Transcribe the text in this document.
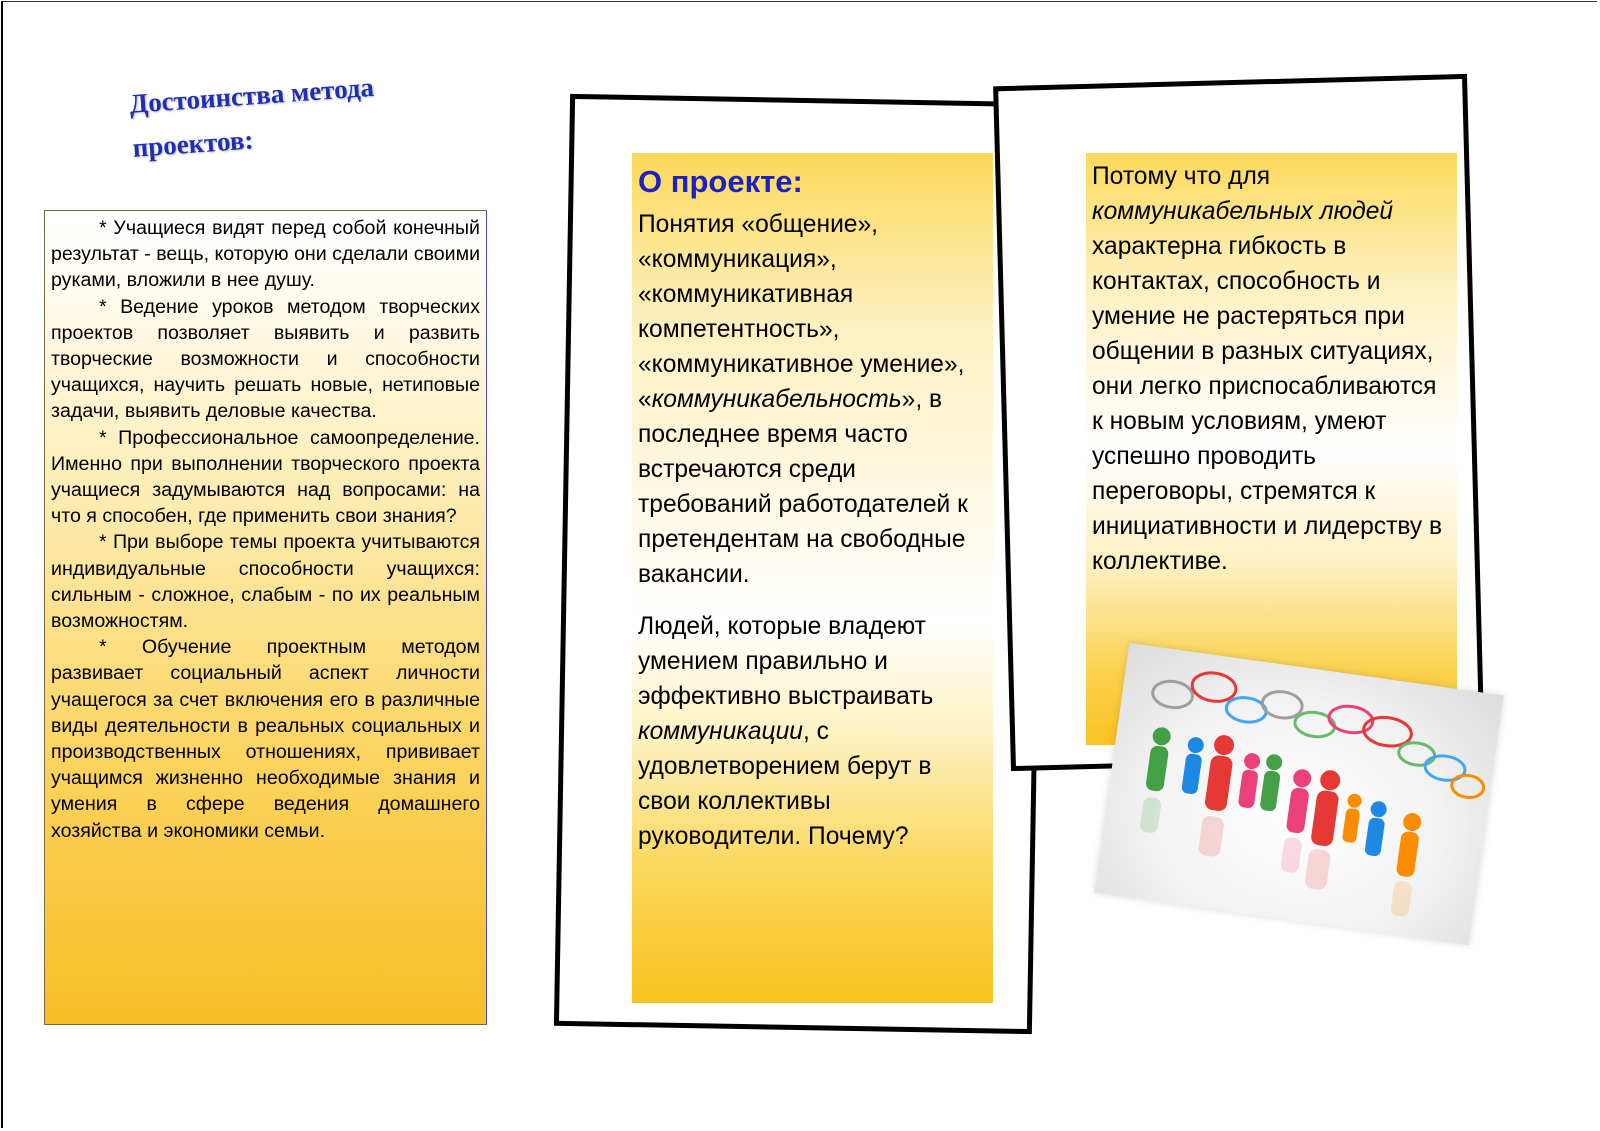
Достоинства метода проектов:

* Учащиеся видят перед собой конечный результат - вещь, которую они сделали своими руками, вложили в нее душу.

* Ведение уроков методом творческих проектов позволяет выявить и развить творческие возможности и способности учащихся, научить решать новые, нетиповые задачи, выявить деловые качества.

* Профессиональное самоопределение. Именно при выполнении творческого проекта учащиеся задумываются над вопросами: на что я способен, где применить свои знания?

* При выборе темы проекта учитываются индивидуальные способности учащихся: сильным - сложное, слабым - по их реальным возможностям.

* Обучение проектным методом развивает социальный аспект личности учащегося за счет включения его в различные виды деятельности в реальных социальных и производственных отношениях, прививает учащимся жизненно необходимые знания и умения в сфере ведения домашнего хозяйства и экономики семьи.

О проекте:

Понятия «общение», «коммуникация», «коммуникативная компетентность», «коммуникативное умение», «коммуникабельность», в последнее время часто встречаются среди требований работодателей к претендентам на свободные вакансии.

Людей, которые владеют умением правильно и эффективно выстраивать коммуникации, с удовлетворением берут в свои коллективы руководители. Почему?

Потому что для коммуникабельных людей характерна гибкость в контактах, способность и умение не растеряться при общении в разных ситуациях, они легко приспосабливаются к новым условиям, умеют успешно проводить переговоры, стремятся к инициативности и лидерству в коллективе.
